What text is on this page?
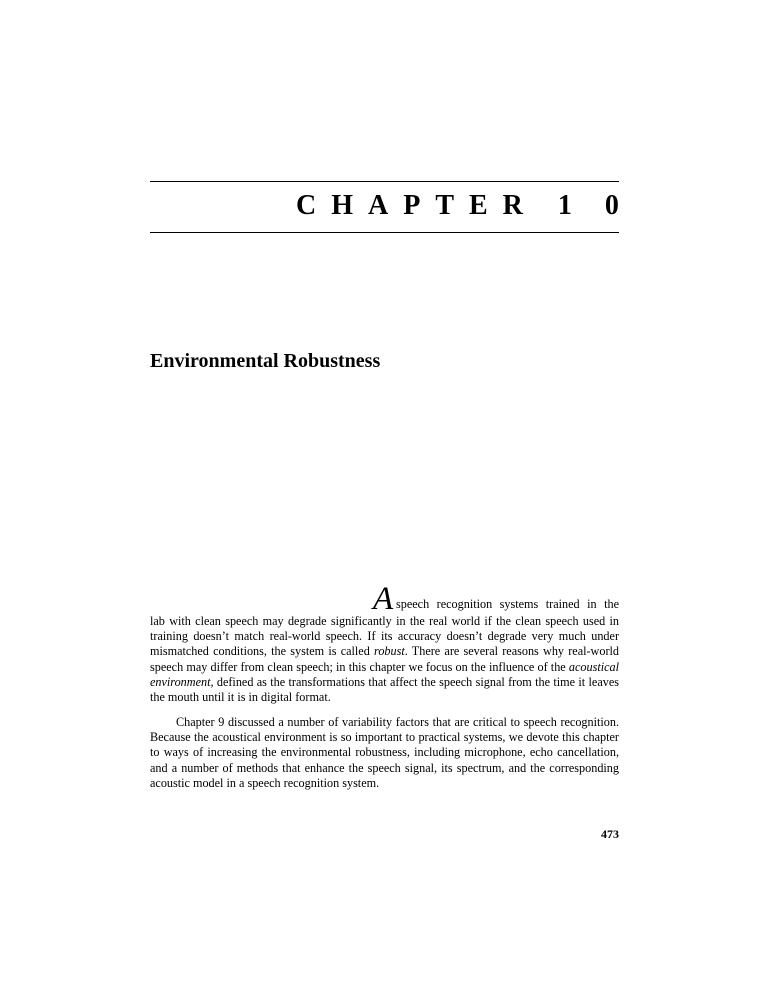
CHAPTER 1 0
Environmental Robustness
A speech recognition systems trained in the
lab with clean speech may degrade significantly in the real world if the clean speech used in training doesn’t match real-world speech. If its accuracy doesn’t degrade very much under mismatched conditions, the system is called robust. There are several reasons why real-world speech may differ from clean speech; in this chapter we focus on the influence of the acoustical environment, defined as the transformations that affect the speech signal from the time it leaves the mouth until it is in digital format.
Chapter 9 discussed a number of variability factors that are critical to speech recognition. Because the acoustical environment is so important to practical systems, we devote this chapter to ways of increasing the environmental robustness, including microphone, echo cancellation, and a number of methods that enhance the speech signal, its spectrum, and the corresponding acoustic model in a speech recognition system.
473
